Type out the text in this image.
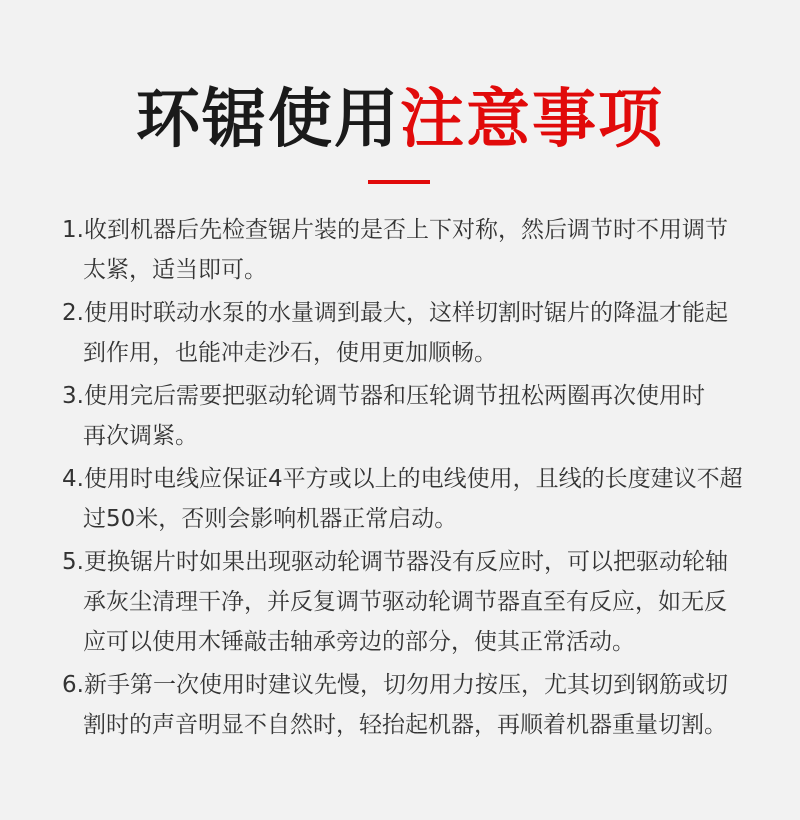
环锯使用注意事项
1.收到机器后先检查锯片装的是否上下对称，然后调节时不用调节
太紧，适当即可。
2.使用时联动水泵的水量调到最大，这样切割时锯片的降温才能起
到作用，也能冲走沙石，使用更加顺畅。
3.使用完后需要把驱动轮调节器和压轮调节扭松两圈再次使用时
再次调紧。
4.使用时电线应保证4平方或以上的电线使用，且线的长度建议不超
过50米，否则会影响机器正常启动。
5.更换锯片时如果出现驱动轮调节器没有反应时，可以把驱动轮轴
承灰尘清理干净，并反复调节驱动轮调节器直至有反应，如无反
应可以使用木锤敲击轴承旁边的部分，使其正常活动。
6.新手第一次使用时建议先慢，切勿用力按压，尤其切到钢筋或切
割时的声音明显不自然时，轻抬起机器，再顺着机器重量切割。
